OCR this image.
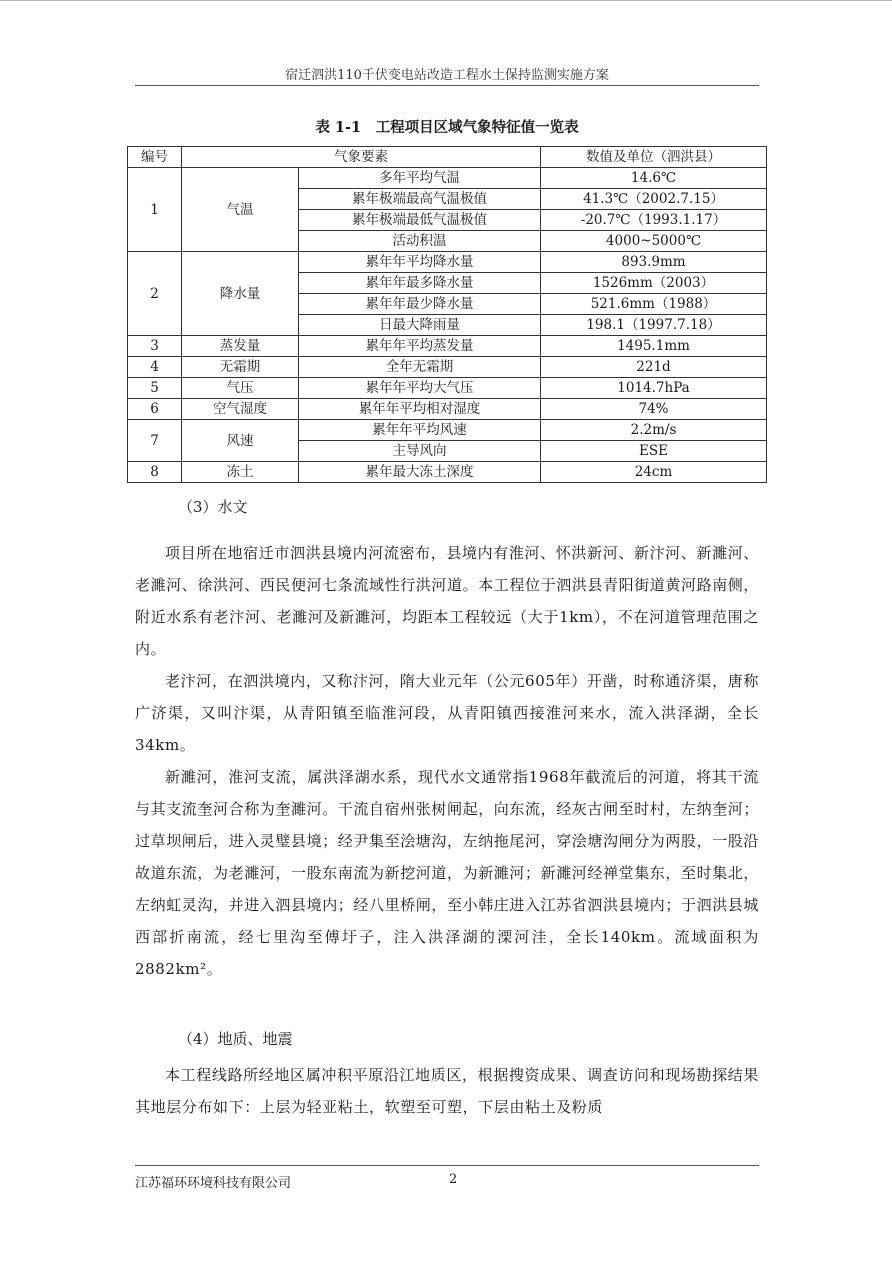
宿迁泗洪110千伏变电站改造工程水土保持监测实施方案
表 1-1　工程项目区域气象特征值一览表
编号	气象要素		数值及单位（泗洪县）
1	气温	多年平均气温	14.6℃
		累年极端最高气温极值	41.3℃（2002.7.15）
		累年极端最低气温极值	-20.7℃（1993.1.17）
		活动积温	4000~5000℃
2	降水量	累年年平均降水量	893.9mm
		累年年最多降水量	1526mm（2003）
		累年年最少降水量	521.6mm（1988）
		日最大降雨量	198.1（1997.7.18）
3	蒸发量	累年年平均蒸发量	1495.1mm
4	无霜期	全年无霜期	221d
5	气压	累年年平均大气压	1014.7hPa
6	空气湿度	累年年平均相对湿度	74%
7	风速	累年年平均风速	2.2m/s
		主导风向	ESE
8	冻土	累年最大冻土深度	24cm
（3）水文

项目所在地宿迁市泗洪县境内河流密布，县境内有淮河、怀洪新河、新汴河、新濉河、老濉河、徐洪河、西民便河七条流域性行洪河道。本工程位于泗洪县青阳街道黄河路南侧，附近水系有老汴河、老濉河及新濉河，均距本工程较远（大于1km），不在河道管理范围之内。

老汴河，在泗洪境内，又称汴河，隋大业元年（公元605年）开凿，时称通济渠，唐称广济渠，又叫汴渠，从青阳镇至临淮河段，从青阳镇西接淮河来水，流入洪泽湖，全长34km。

新濉河，淮河支流，属洪泽湖水系，现代水文通常指1968年截流后的河道，将其干流与其支流奎河合称为奎濉河。干流自宿州张树闸起，向东流，经灰古闸至时村，左纳奎河；过草坝闸后，进入灵璧县境；经尹集至浍塘沟，左纳拖尾河，穿浍塘沟闸分为两股，一股沿故道东流，为老濉河，一股东南流为新挖河道，为新濉河；新濉河经禅堂集东，至时集北，左纳虹灵沟，并进入泗县境内；经八里桥闸，至小韩庄进入江苏省泗洪县境内；于泗洪县城西部折南流，经七里沟至傅圩子，注入洪泽湖的溧河洼，全长140km。流域面积为2882km²。

（4）地质、地震

本工程线路所经地区属冲积平原沿江地质区，根据搜资成果、调查访问和现场勘探结果其地层分布如下：上层为轻亚粘土，软塑至可塑，下层由粘土及粉质

江苏福环环境科技有限公司	2
